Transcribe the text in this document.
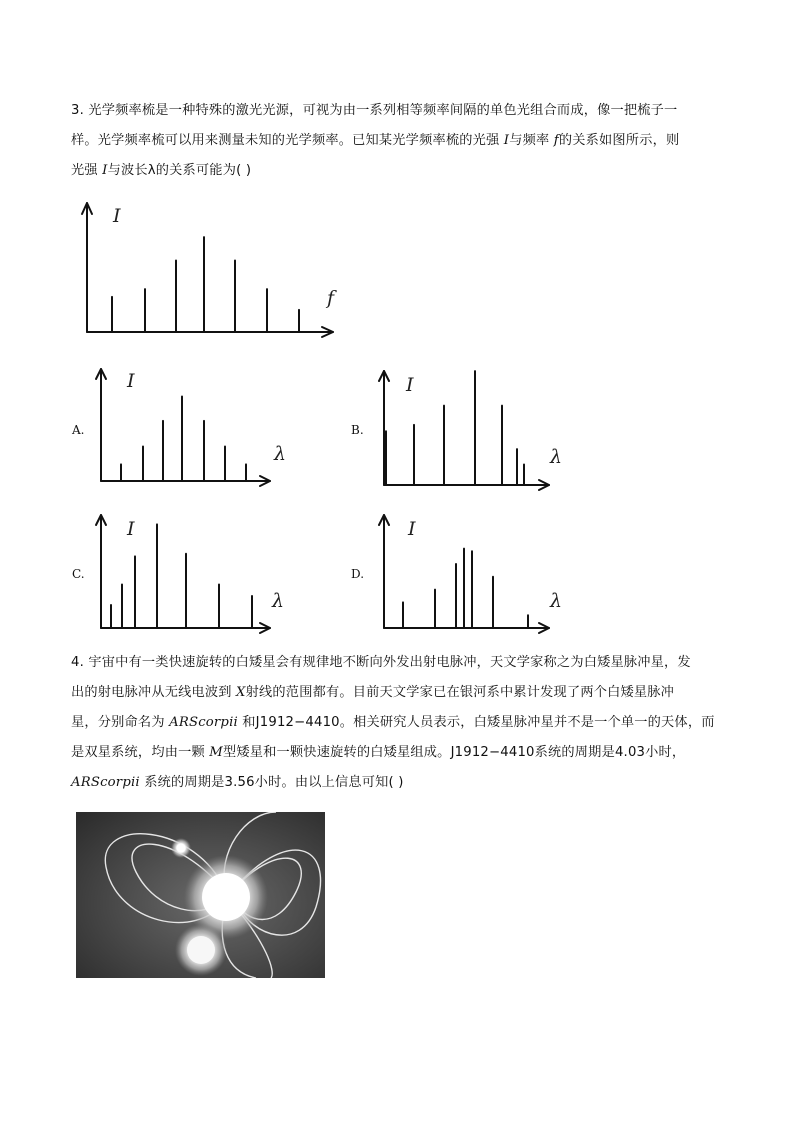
3. 光学频率梳是一种特殊的激光光源，可视为由一系列相等频率间隔的单色光组合而成，像一把梳子一
样。光学频率梳可以用来测量未知的光学频率。已知某光学频率梳的光强 I与频率 f的关系如图所示，则
光强 I与波长λ的关系可能为( )
I
f
A.
I
λ
B.
I
λ
C.
I
λ
D.
I
λ
4. 宇宙中有一类快速旋转的白矮星会有规律地不断向外发出射电脉冲，天文学家称之为白矮星脉冲星，发
出的射电脉冲从无线电波到 X射线的范围都有。目前天文学家已在银河系中累计发现了两个白矮星脉冲
星，分别命名为 ARScorpii 和J1912−4410。相关研究人员表示，白矮星脉冲星并不是一个单一的天体，而
是双星系统，均由一颗 M型矮星和一颗快速旋转的白矮星组成。J1912−4410系统的周期是4.03小时，
ARScorpii 系统的周期是3.56小时。由以上信息可知( )
